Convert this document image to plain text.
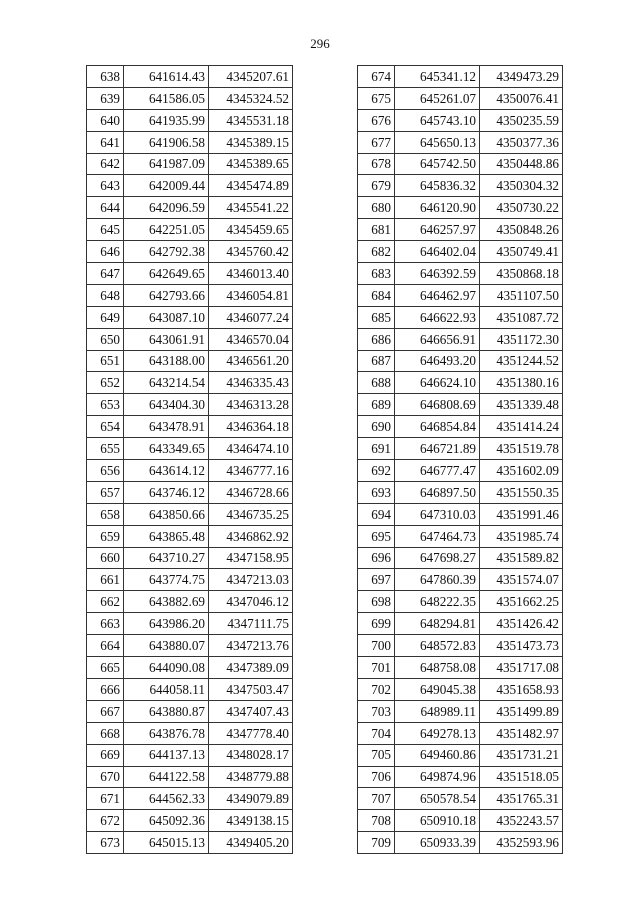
296
638	641614.43	4345207.61
639	641586.05	4345324.52
640	641935.99	4345531.18
641	641906.58	4345389.15
642	641987.09	4345389.65
643	642009.44	4345474.89
644	642096.59	4345541.22
645	642251.05	4345459.65
646	642792.38	4345760.42
647	642649.65	4346013.40
648	642793.66	4346054.81
649	643087.10	4346077.24
650	643061.91	4346570.04
651	643188.00	4346561.20
652	643214.54	4346335.43
653	643404.30	4346313.28
654	643478.91	4346364.18
655	643349.65	4346474.10
656	643614.12	4346777.16
657	643746.12	4346728.66
658	643850.66	4346735.25
659	643865.48	4346862.92
660	643710.27	4347158.95
661	643774.75	4347213.03
662	643882.69	4347046.12
663	643986.20	4347111.75
664	643880.07	4347213.76
665	644090.08	4347389.09
666	644058.11	4347503.47
667	643880.87	4347407.43
668	643876.78	4347778.40
669	644137.13	4348028.17
670	644122.58	4348779.88
671	644562.33	4349079.89
672	645092.36	4349138.15
673	645015.13	4349405.20
674	645341.12	4349473.29
675	645261.07	4350076.41
676	645743.10	4350235.59
677	645650.13	4350377.36
678	645742.50	4350448.86
679	645836.32	4350304.32
680	646120.90	4350730.22
681	646257.97	4350848.26
682	646402.04	4350749.41
683	646392.59	4350868.18
684	646462.97	4351107.50
685	646622.93	4351087.72
686	646656.91	4351172.30
687	646493.20	4351244.52
688	646624.10	4351380.16
689	646808.69	4351339.48
690	646854.84	4351414.24
691	646721.89	4351519.78
692	646777.47	4351602.09
693	646897.50	4351550.35
694	647310.03	4351991.46
695	647464.73	4351985.74
696	647698.27	4351589.82
697	647860.39	4351574.07
698	648222.35	4351662.25
699	648294.81	4351426.42
700	648572.83	4351473.73
701	648758.08	4351717.08
702	649045.38	4351658.93
703	648989.11	4351499.89
704	649278.13	4351482.97
705	649460.86	4351731.21
706	649874.96	4351518.05
707	650578.54	4351765.31
708	650910.18	4352243.57
709	650933.39	4352593.96
